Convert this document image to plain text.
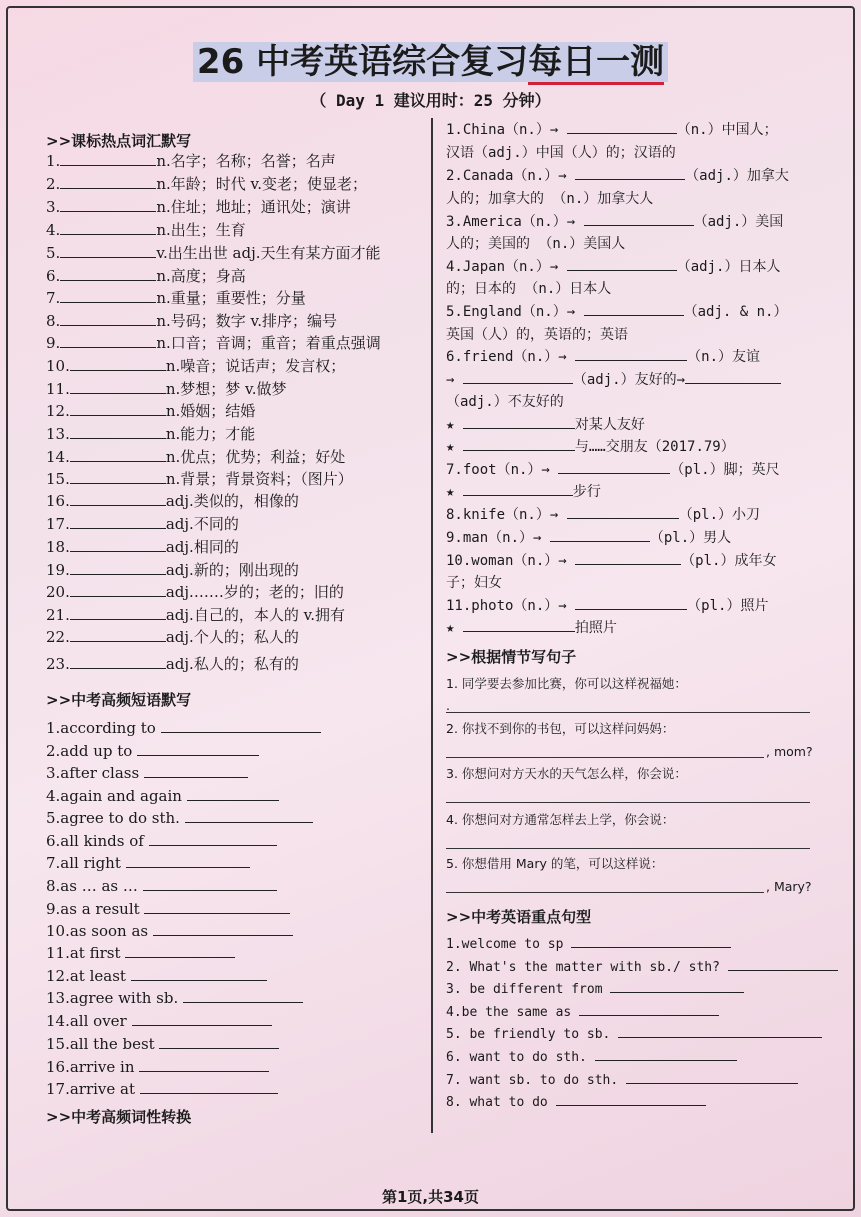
26 中考英语综合复习每日一测
（ Day 1 建议用时：25 分钟）
>>课标热点词汇默写
1.	n.名字；名称；名誉；名声
2.	n.年龄；时代 v.变老；使显老；
3.	n.住址；地址；通讯处；演讲
4.	n.出生；生育
5.	v.出生出世 adj.天生有某方面才能
6.	n.高度；身高
7.	n.重量；重要性；分量
8.	n.号码；数字 v.排序；编号
9.	n.口音；音调；重音；着重点强调
10.	n.噪音；说话声；发言权；
11.	n.梦想；梦 v.做梦
12.	n.婚姻；结婚
13.	n.能力；才能
14.	n.优点；优势；利益；好处
15.	n.背景；背景资料；（图片）
16.	adj.类似的，相像的
17.	adj.不同的
18.	adj.相同的
19.	adj.新的；刚出现的
20.	adj.……岁的；老的；旧的
21.	adj.自己的，本人的 v.拥有
22.	adj.个人的；私人的
23.	adj.私人的；私有的
>>中考高频短语默写
1.according to
2.add up to
3.after class
4.again and again
5.agree to do sth.
6.all kinds of
7.all right
8.as … as …
9.as a result
10.as soon as
11.at first
12.at least
13.agree with sb.
14.all over
15.all the best
16.arrive in
17.arrive at
>>中考高频词性转换
1.China（n.）→	（n.）中国人；
汉语（adj.）中国（人）的；汉语的
2.Canada（n.）→	（adj.）加拿大
人的；加拿大的 （n.）加拿大人
3.America（n.）→	（adj.）美国
人的；美国的 （n.）美国人
4.Japan（n.）→	（adj.）日本人
的；日本的 （n.）日本人
5.England（n.）→	（adj. & n.）
英国（人）的，英语的；英语
6.friend（n.）→	（n.）友谊
→	（adj.）友好的→
（adj.）不友好的
★	对某人友好
★	与……交朋友（2017.79）
7.foot（n.）→	（pl.）脚；英尺
★	步行
8.knife（n.）→	（pl.）小刀
9.man（n.）→	（pl.）男人
10.woman（n.）→	（pl.）成年女
子；妇女
11.photo（n.）→	（pl.）照片
★	拍照片
>>根据情节写句子
1. 同学要去参加比赛，你可以这样祝福她：
.
2. 你找不到你的书包，可以这样问妈妈：
, mom?
3. 你想问对方天水的天气怎么样，你会说：
4. 你想问对方通常怎样去上学，你会说：
5. 你想借用 Mary 的笔，可以这样说：
, Mary?
>>中考英语重点句型
1.welcome to sp
2. What's the matter with sb./ sth?
3. be different from
4.be the same as
5. be friendly to sb.
6. want to do sth.
7. want sb. to do sth.
8. what to do
第1页,共34页
